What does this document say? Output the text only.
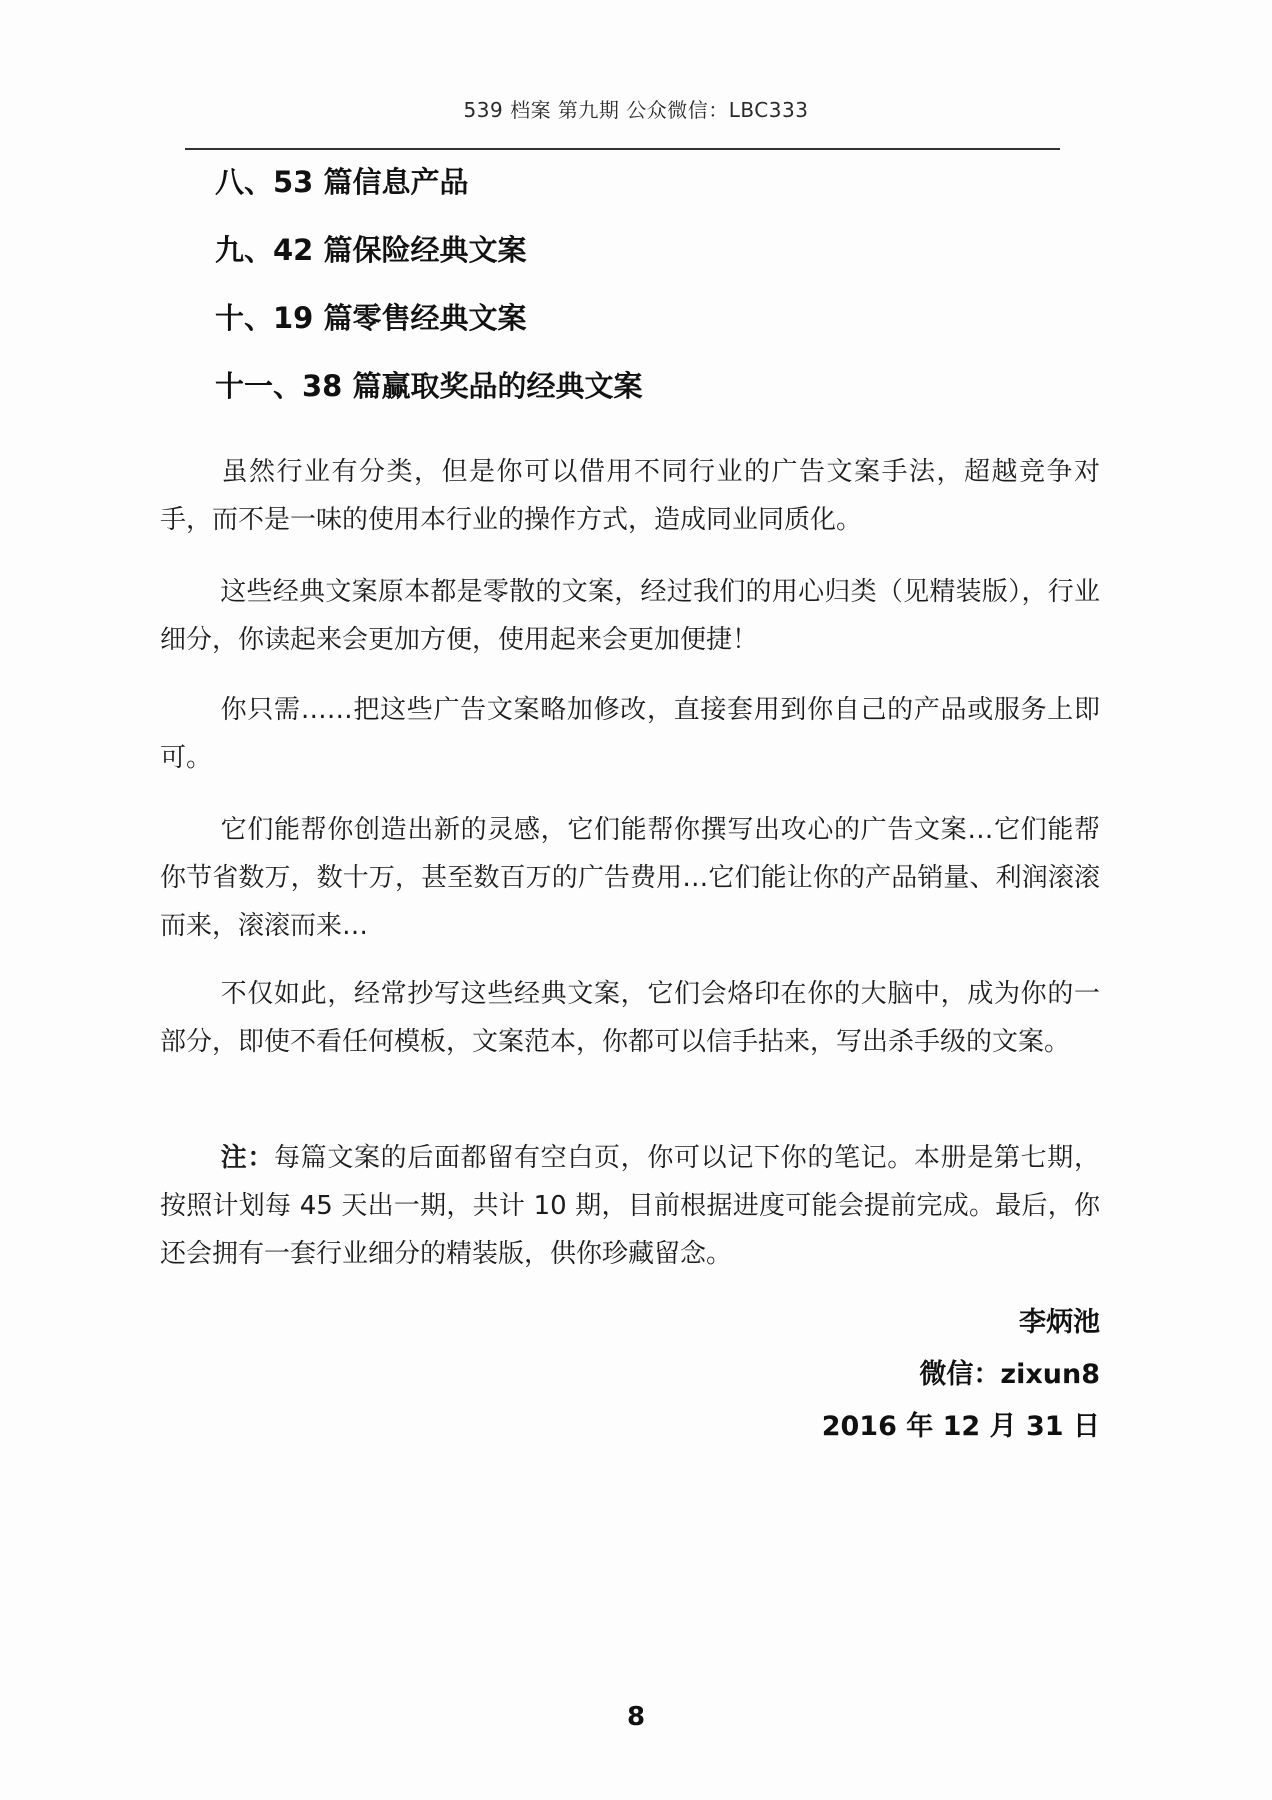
539 档案 第九期 公众微信：LBC333
八、53 篇信息产品
九、42 篇保险经典文案
十、19 篇零售经典文案
十一、38 篇赢取奖品的经典文案

虽然行业有分类，但是你可以借用不同行业的广告文案手法，超越竞争对手，而不是一味的使用本行业的操作方式，造成同业同质化。

这些经典文案原本都是零散的文案，经过我们的用心归类（见精装版），行业细分，你读起来会更加方便，使用起来会更加便捷！

你只需……把这些广告文案略加修改，直接套用到你自己的产品或服务上即可。

它们能帮你创造出新的灵感，它们能帮你撰写出攻心的广告文案…它们能帮你节省数万，数十万，甚至数百万的广告费用…它们能让你的产品销量、利润滚滚而来，滚滚而来…

不仅如此，经常抄写这些经典文案，它们会烙印在你的大脑中，成为你的一部分，即使不看任何模板，文案范本，你都可以信手拈来，写出杀手级的文案。

注：每篇文案的后面都留有空白页，你可以记下你的笔记。本册是第七期，按照计划每 45 天出一期，共计 10 期，目前根据进度可能会提前完成。最后，你还会拥有一套行业细分的精装版，供你珍藏留念。

李炳池
微信：zixun8
2016 年 12 月 31 日
8
